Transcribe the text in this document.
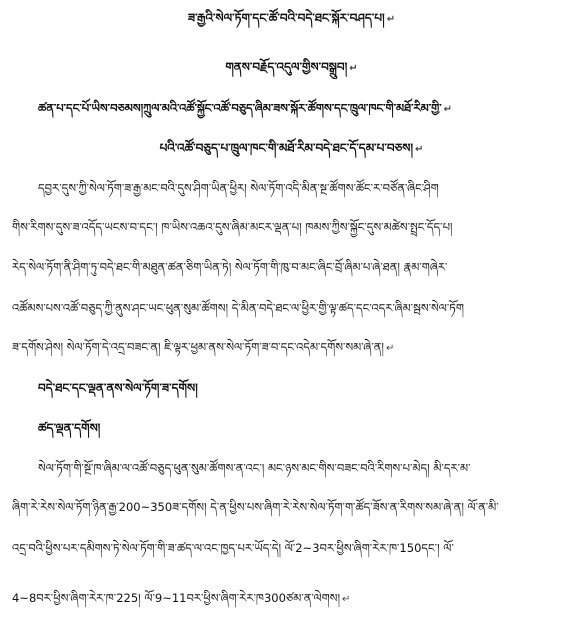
ཟ་རྒྱའི་སེལ་ཏོག་དང་ཚོ་བའི་བདེ་ཐང་སྐོར་བཤད་པ། ↵
གནས་བརྗོད་འདུལ་གྱིས་བསྒྲུབ། ↵
ཚན་པ་དང་པོ་ཡིས་བཅམས།ཀྲུལ་མའི་འཚོ་སྐྱོང་འཚོ་བཅུད་ཞིམ་ཟས་སྐོར་ཚོགས་དང་ཁྲུལ་ཁང་གི་མཐོ་རིམ་གྱི་ ↵
པའི་འཚོ་བཅུད་པ་ཁྲུལ་ཁང་གི་མཐོ་རིམ་བདེ་ཐང་དོ་དམ་པ་བཅས། ↵
དབྱར་དུས་ཀྱི་སེལ་ཏོག་ཟ་རྒྱ་མང་བའི་དུས་ཤིག་ཡིན་ཕྱིར། སེལ་ཏོག་འདི་མིན་སྔ་ཚོགས་ཚོང་ར་བཙོན་ཞིང་ཤིག
གིས་རིགས་དུས་ཟ་འདོད་ཡངས་བ་དང་། ཁ་ཡིས་འཆའ་དུས་ཞིམ་མངར་ལྡན་པ། ཁམས་ཀྱིས་སྐྱོང་དུས་མཚེས་སྤྲང་དོད་པ།
རེད་སེལ་ཏོག་ནི་ཤིག་ཏུ་བདེ་ཐང་གི་མཐུན་ཚན་ཅིག་ཡིན་ཏེ། སེལ་ཏོག་གི་ཁུ་བ་མང་ཞིང་བྲོ་ཞིམ་པ་ཞེ་ཐན། རྣམ་གཞེར་
འཚོམས་པས་འཚོ་བཅུད་ཀྱི་ནུས་ཤང་ཡང་ཕུན་སུམ་ཚོགས། དེ་མིན་བདེ་ཐང་ལ་ཕྱིར་གྱི་ལྟ་ཚད་དང་འདར་ཞིམ་སྦས་སེལ་ཏོག
ཟ་དགོས་ཤེས། སེལ་ཏོག་དེ་འདྲ་བཟང་ན། ཇི་ལྟར་ཕྱམ་ནས་སེལ་ཏོག་ཟ་བ་དང་འདེམ་དགོས་སམ་ཞེ་ན། ↵
བདེ་ཐང་དང་ལྡན་ནས་སེལ་ཏོག་ཟ་དགོས།
ཚད་ལྡན་དགོས།
སེལ་ཏོག་གི་སྔོ་ཁ་ཞིམ་ལ་འཚོ་བཅུད་ཕུན་སུམ་ཚོགས་ན་འང་། མང་ཉས་མང་གིས་བཟང་བའི་རིགས་པ་མེད། མི་དར་མ་
ཞིག་རེ་རེས་སེལ་ཏོག་ཉིན་རྒྱ་200~350ཟ་དགོས། དེ་ན་ཕྱིས་པས་ཞིག་རེ་རེས་སེལ་ཏོག་ག་ཚོད་ཟོས་ན་རིགས་སམ་ཞེ་ན། ལོ་ན་མི་
འདྲ་བའི་ཕྱིས་པར་དམིགས་ཏེ་སེལ་ཏོག་གི་ཟ་ཚད་ལ་འང་ཁྱད་པར་ཡོད་དེ། ལོ་2~3བར་ཕྱིས་ཞིག་རེར་ཁ་150དང་། ལོ་
4~8བར་ཕྱིས་ཞིག་རེར་ཁ་225། ལོ་9~11བར་ཕྱིས་ཞིག་རེར་ཁ300ཙམ་ན་ལེགས། ↵
